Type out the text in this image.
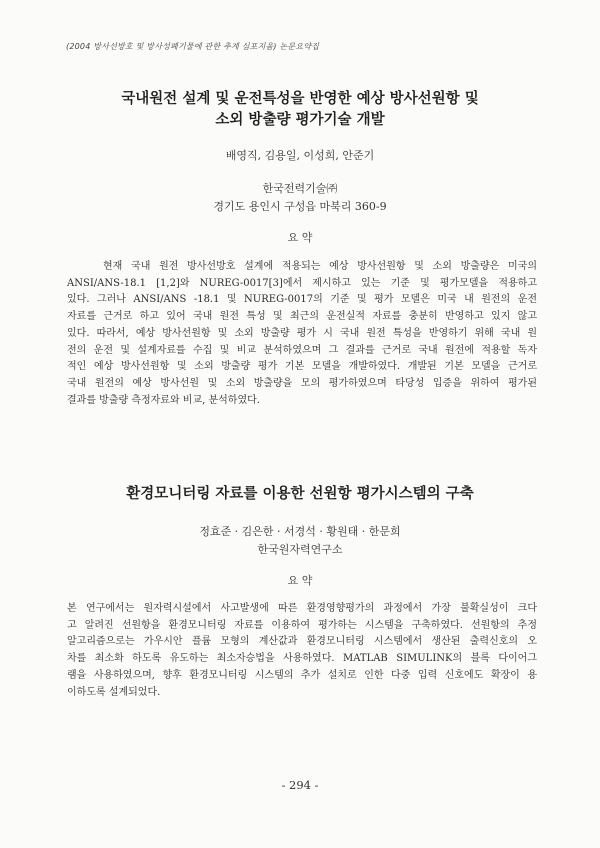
(2004 방사선방호 및 방사성폐기물에 관한 추계 심포지움) 논문요약집
국내원전 설계 및 운전특성을 반영한 예상 방사선원항 및
소외 방출량 평가기술 개발
배영직, 김용일, 이성희, 안준기
한국전력기술㈜
경기도 용인시 구성읍 마북리 360-9
요 약
현재 국내 원전 방사선방호 설계에 적용되는 예상 방사선원항 및 소외 방출량은 미국의
ANSI/ANS-18.1 [1,2]와 NUREG-0017[3]에서 제시하고 있는 기준 및 평가모델을 적용하고
있다. 그러나 ANSI/ANS -18.1 및 NUREG-0017의 기준 및 평가 모델은 미국 내 원전의 운전
자료를 근거로 하고 있어 국내 원전 특성 및 최근의 운전실적 자료를 충분히 반영하고 있지 않고
있다. 따라서, 예상 방사선원항 및 소외 방출량 평가 시 국내 원전 특성을 반영하기 위해 국내 원
전의 운전 및 설계자료를 수집 및 비교 분석하였으며 그 결과를 근거로 국내 원전에 적용할 독자
적인 예상 방사선원항 및 소외 방출량 평가 기본 모델을 개발하였다. 개발된 기본 모델을 근거로
국내 원전의 예상 방사선원 및 소외 방출량을 모의 평가하였으며 타당성 입증을 위하여 평가된
결과를 방출량 측정자료와 비교, 분석하였다.
환경모니터링 자료를 이용한 선원항 평가시스템의 구축
정효준 · 김은한 · 서경석 · 황원태 · 한문희
한국원자력연구소
요 약
본 연구에서는 원자력시설에서 사고발생에 따른 환경영향평가의 과정에서 가장 불확실성이 크다
고 알려진 선원항을 환경모니터링 자료를 이용하여 평가하는 시스템을 구축하였다. 선원항의 추정
알고리즘으로는 가우시안 플륨 모형의 계산값과 환경모니터링 시스템에서 생산된 출력신호의 오
차를 최소화 하도록 유도하는 최소자승법을 사용하였다. MATLAB SIMULINK의 블록 다이어그
램을 사용하였으며, 향후 환경모니터링 시스템의 추가 설치로 인한 다중 입력 신호에도 확장이 용
이하도록 설계되었다.
- 294 -
